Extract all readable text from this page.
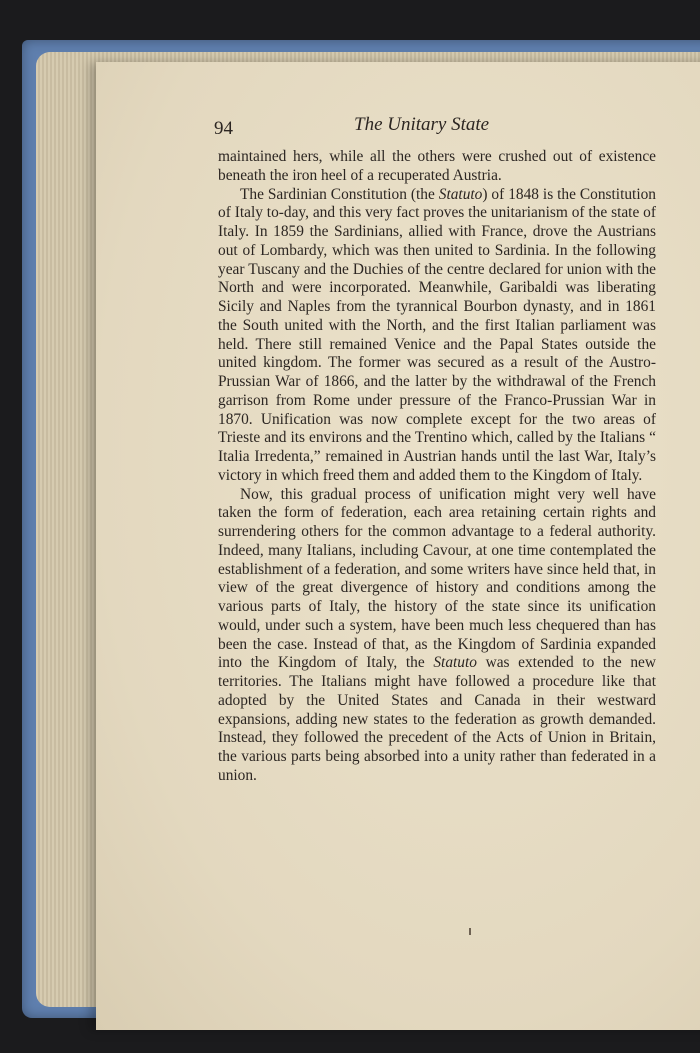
94	The Unitary State

maintained hers, while all the others were crushed out of existence beneath the iron heel of a recuperated Austria.

The Sardinian Constitution (the Statuto) of 1848 is the Constitution of Italy to-day, and this very fact proves the unitarianism of the state of Italy. In 1859 the Sardinians, allied with France, drove the Austrians out of Lombardy, which was then united to Sardinia. In the following year Tuscany and the Duchies of the centre declared for union with the North and were incorporated. Meanwhile, Garibaldi was liberating Sicily and Naples from the tyrannical Bourbon dynasty, and in 1861 the South united with the North, and the first Italian parliament was held. There still remained Venice and the Papal States outside the united kingdom. The former was secured as a result of the Austro-Prussian War of 1866, and the latter by the withdrawal of the French garrison from Rome under pressure of the Franco-Prussian War in 1870. Unification was now complete except for the two areas of Trieste and its environs and the Trentino which, called by the Italians “ Italia Irredenta,” remained in Austrian hands until the last War, Italy’s victory in which freed them and added them to the Kingdom of Italy.

Now, this gradual process of unification might very well have taken the form of federation, each area retaining certain rights and surrendering others for the common advantage to a federal authority. Indeed, many Italians, including Cavour, at one time contemplated the establishment of a federation, and some writers have since held that, in view of the great divergence of history and conditions among the various parts of Italy, the history of the state since its unification would, under such a system, have been much less chequered than has been the case. Instead of that, as the Kingdom of Sardinia expanded into the Kingdom of Italy, the Statuto was extended to the new territories. The Italians might have followed a procedure like that adopted by the United States and Canada in their westward expansions, adding new states to the federation as growth demanded. Instead, they followed the precedent of the Acts of Union in Britain, the various parts being absorbed into a unity rather than federated in a union.
